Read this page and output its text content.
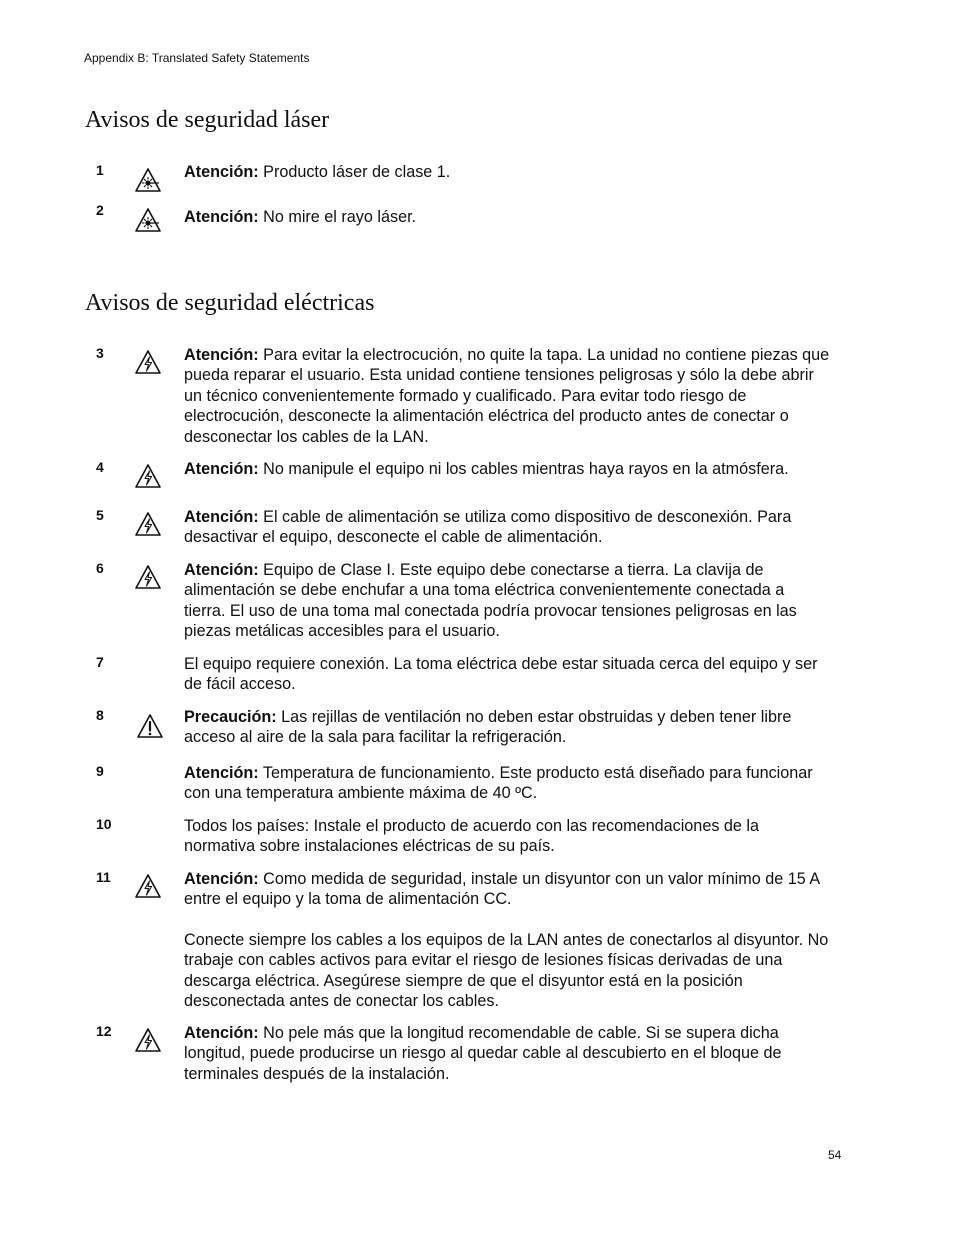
Appendix B: Translated Safety Statements
Avisos de seguridad láser
1	Atención: Producto láser de clase 1.

2	Atención: No mire el rayo láser.

Avisos de seguridad eléctricas
3	Atención: Para evitar la electrocución, no quite la tapa. La unidad no contiene piezas que pueda reparar el usuario. Esta unidad contiene tensiones peligrosas y sólo la debe abrir un técnico convenientemente formado y cualificado. Para evitar todo riesgo de electrocución, desconecte la alimentación eléctrica del producto antes de conectar o desconectar los cables de la LAN.

4	Atención: No manipule el equipo ni los cables mientras haya rayos en la atmósfera.

5	Atención: El cable de alimentación se utiliza como dispositivo de desconexión. Para desactivar el equipo, desconecte el cable de alimentación.

6	Atención: Equipo de Clase I. Este equipo debe conectarse a tierra. La clavija de alimentación se debe enchufar a una toma eléctrica convenientemente conectada a tierra. El uso de una toma mal conectada podría provocar tensiones peligrosas en las piezas metálicas accesibles para el usuario.

7	El equipo requiere conexión. La toma eléctrica debe estar situada cerca del equipo y ser de fácil acceso.

8	Precaución: Las rejillas de ventilación no deben estar obstruidas y deben tener libre acceso al aire de la sala para facilitar la refrigeración.

9	Atención: Temperatura de funcionamiento. Este producto está diseñado para funcionar con una temperatura ambiente máxima de 40 ºC.

10	Todos los países: Instale el producto de acuerdo con las recomendaciones de la normativa sobre instalaciones eléctricas de su país.

11	Atención: Como medida de seguridad, instale un disyuntor con un valor mínimo de 15 A entre el equipo y la toma de alimentación CC.

Conecte siempre los cables a los equipos de la LAN antes de conectarlos al disyuntor. No trabaje con cables activos para evitar el riesgo de lesiones físicas derivadas de una descarga eléctrica. Asegúrese siempre de que el disyuntor está en la posición desconectada antes de conectar los cables.

12	Atención: No pele más que la longitud recomendable de cable. Si se supera dicha longitud, puede producirse un riesgo al quedar cable al descubierto en el bloque de terminales después de la instalación.

54
